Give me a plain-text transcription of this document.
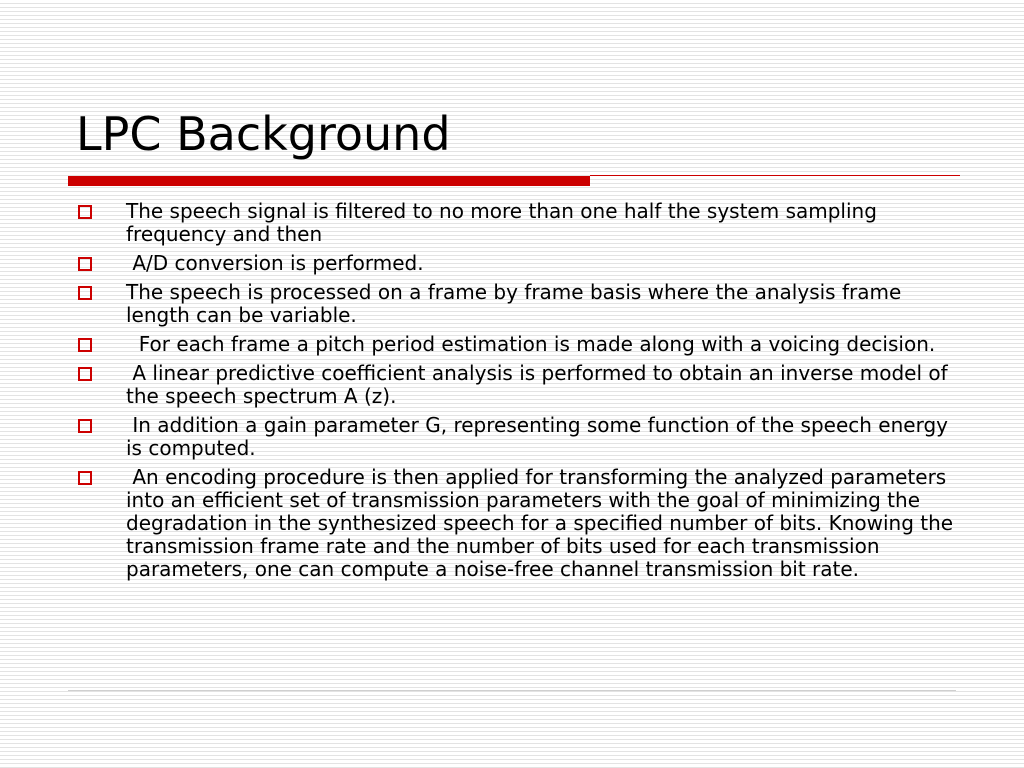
LPC Background
The speech signal is filtered to no more than one half the system sampling frequency and then
A/D conversion is performed.
The speech is processed on a frame by frame basis where the analysis frame length can be variable.
For each frame a pitch period estimation is made along with a voicing decision.
A linear predictive coefficient analysis is performed to obtain an inverse model of the speech spectrum A (z).
In addition a gain parameter G, representing some function of the speech energy is computed.
An encoding procedure is then applied for transforming the analyzed parameters into an efficient set of transmission parameters with the goal of minimizing the degradation in the synthesized speech for a specified number of bits. Knowing the transmission frame rate and the number of bits used for each transmission parameters, one can compute a noise-free channel transmission bit rate.
